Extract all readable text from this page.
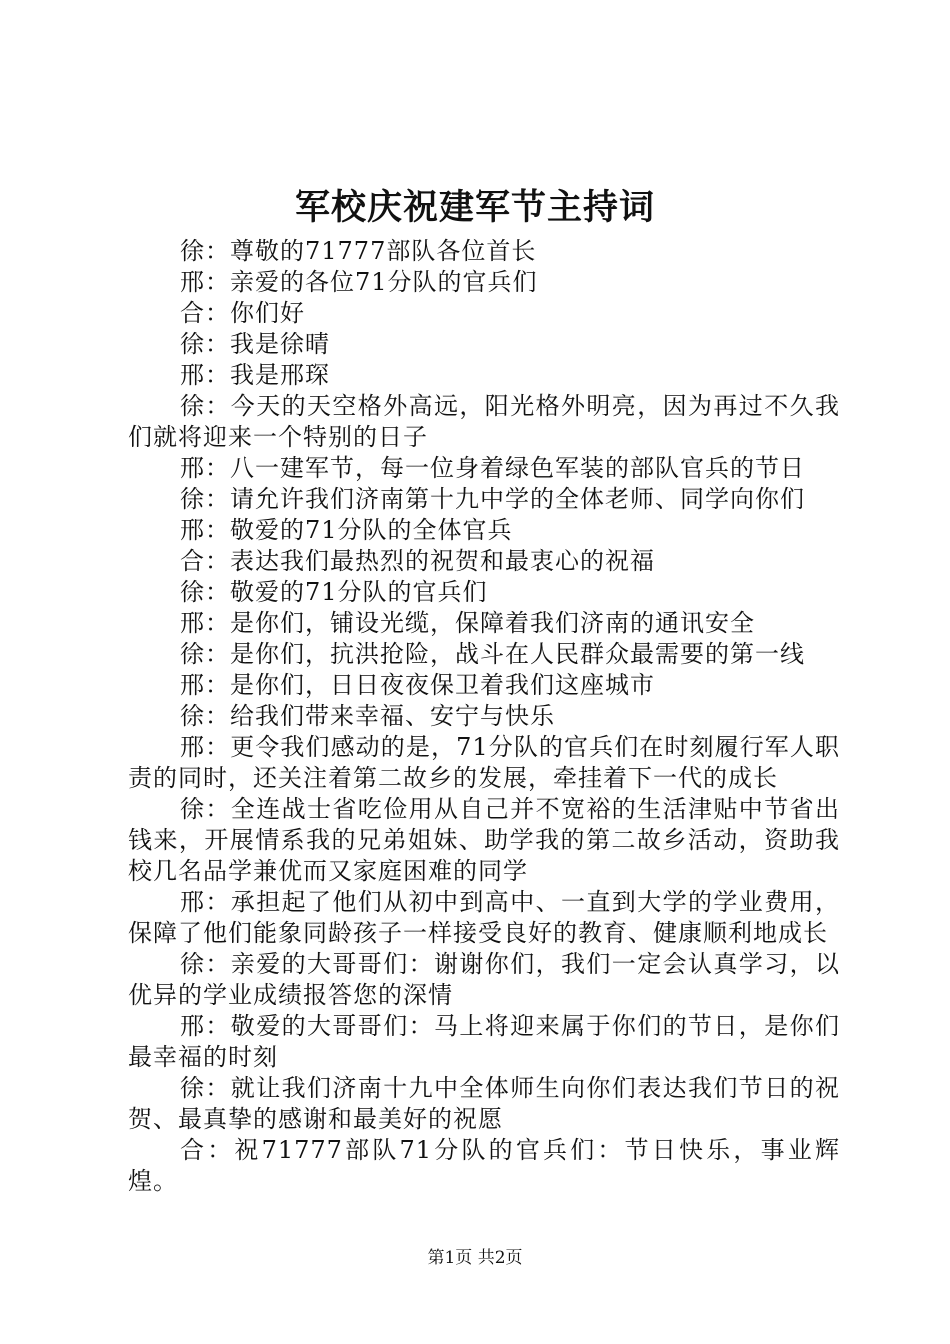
军校庆祝建军节主持词

徐：尊敬的71777部队各位首长

邢：亲爱的各位71分队的官兵们

合：你们好

徐：我是徐晴

邢：我是邢琛

徐：今天的天空格外高远，阳光格外明亮，因为再过不久我们就将迎来一个特别的日子

邢：八一建军节，每一位身着绿色军装的部队官兵的节日

徐：请允许我们济南第十九中学的全体老师、同学向你们

邢：敬爱的71分队的全体官兵

合：表达我们最热烈的祝贺和最衷心的祝福

徐：敬爱的71分队的官兵们

邢：是你们，铺设光缆，保障着我们济南的通讯安全

徐：是你们，抗洪抢险，战斗在人民群众最需要的第一线

邢：是你们，日日夜夜保卫着我们这座城市

徐：给我们带来幸福、安宁与快乐

邢：更令我们感动的是，71分队的官兵们在时刻履行军人职责的同时，还关注着第二故乡的发展，牵挂着下一代的成长

徐：全连战士省吃俭用从自己并不宽裕的生活津贴中节省出钱来，开展情系我的兄弟姐妹、助学我的第二故乡活动，资助我校几名品学兼优而又家庭困难的同学

邢：承担起了他们从初中到高中、一直到大学的学业费用，保障了他们能象同龄孩子一样接受良好的教育、健康顺利地成长

徐：亲爱的大哥哥们：谢谢你们，我们一定会认真学习，以优异的学业成绩报答您的深情

邢：敬爱的大哥哥们：马上将迎来属于你们的节日，是你们最幸福的时刻

徐：就让我们济南十九中全体师生向你们表达我们节日的祝贺、最真挚的感谢和最美好的祝愿

合：祝71777部队71分队的官兵们：节日快乐，事业辉煌。

第1页 共2页
